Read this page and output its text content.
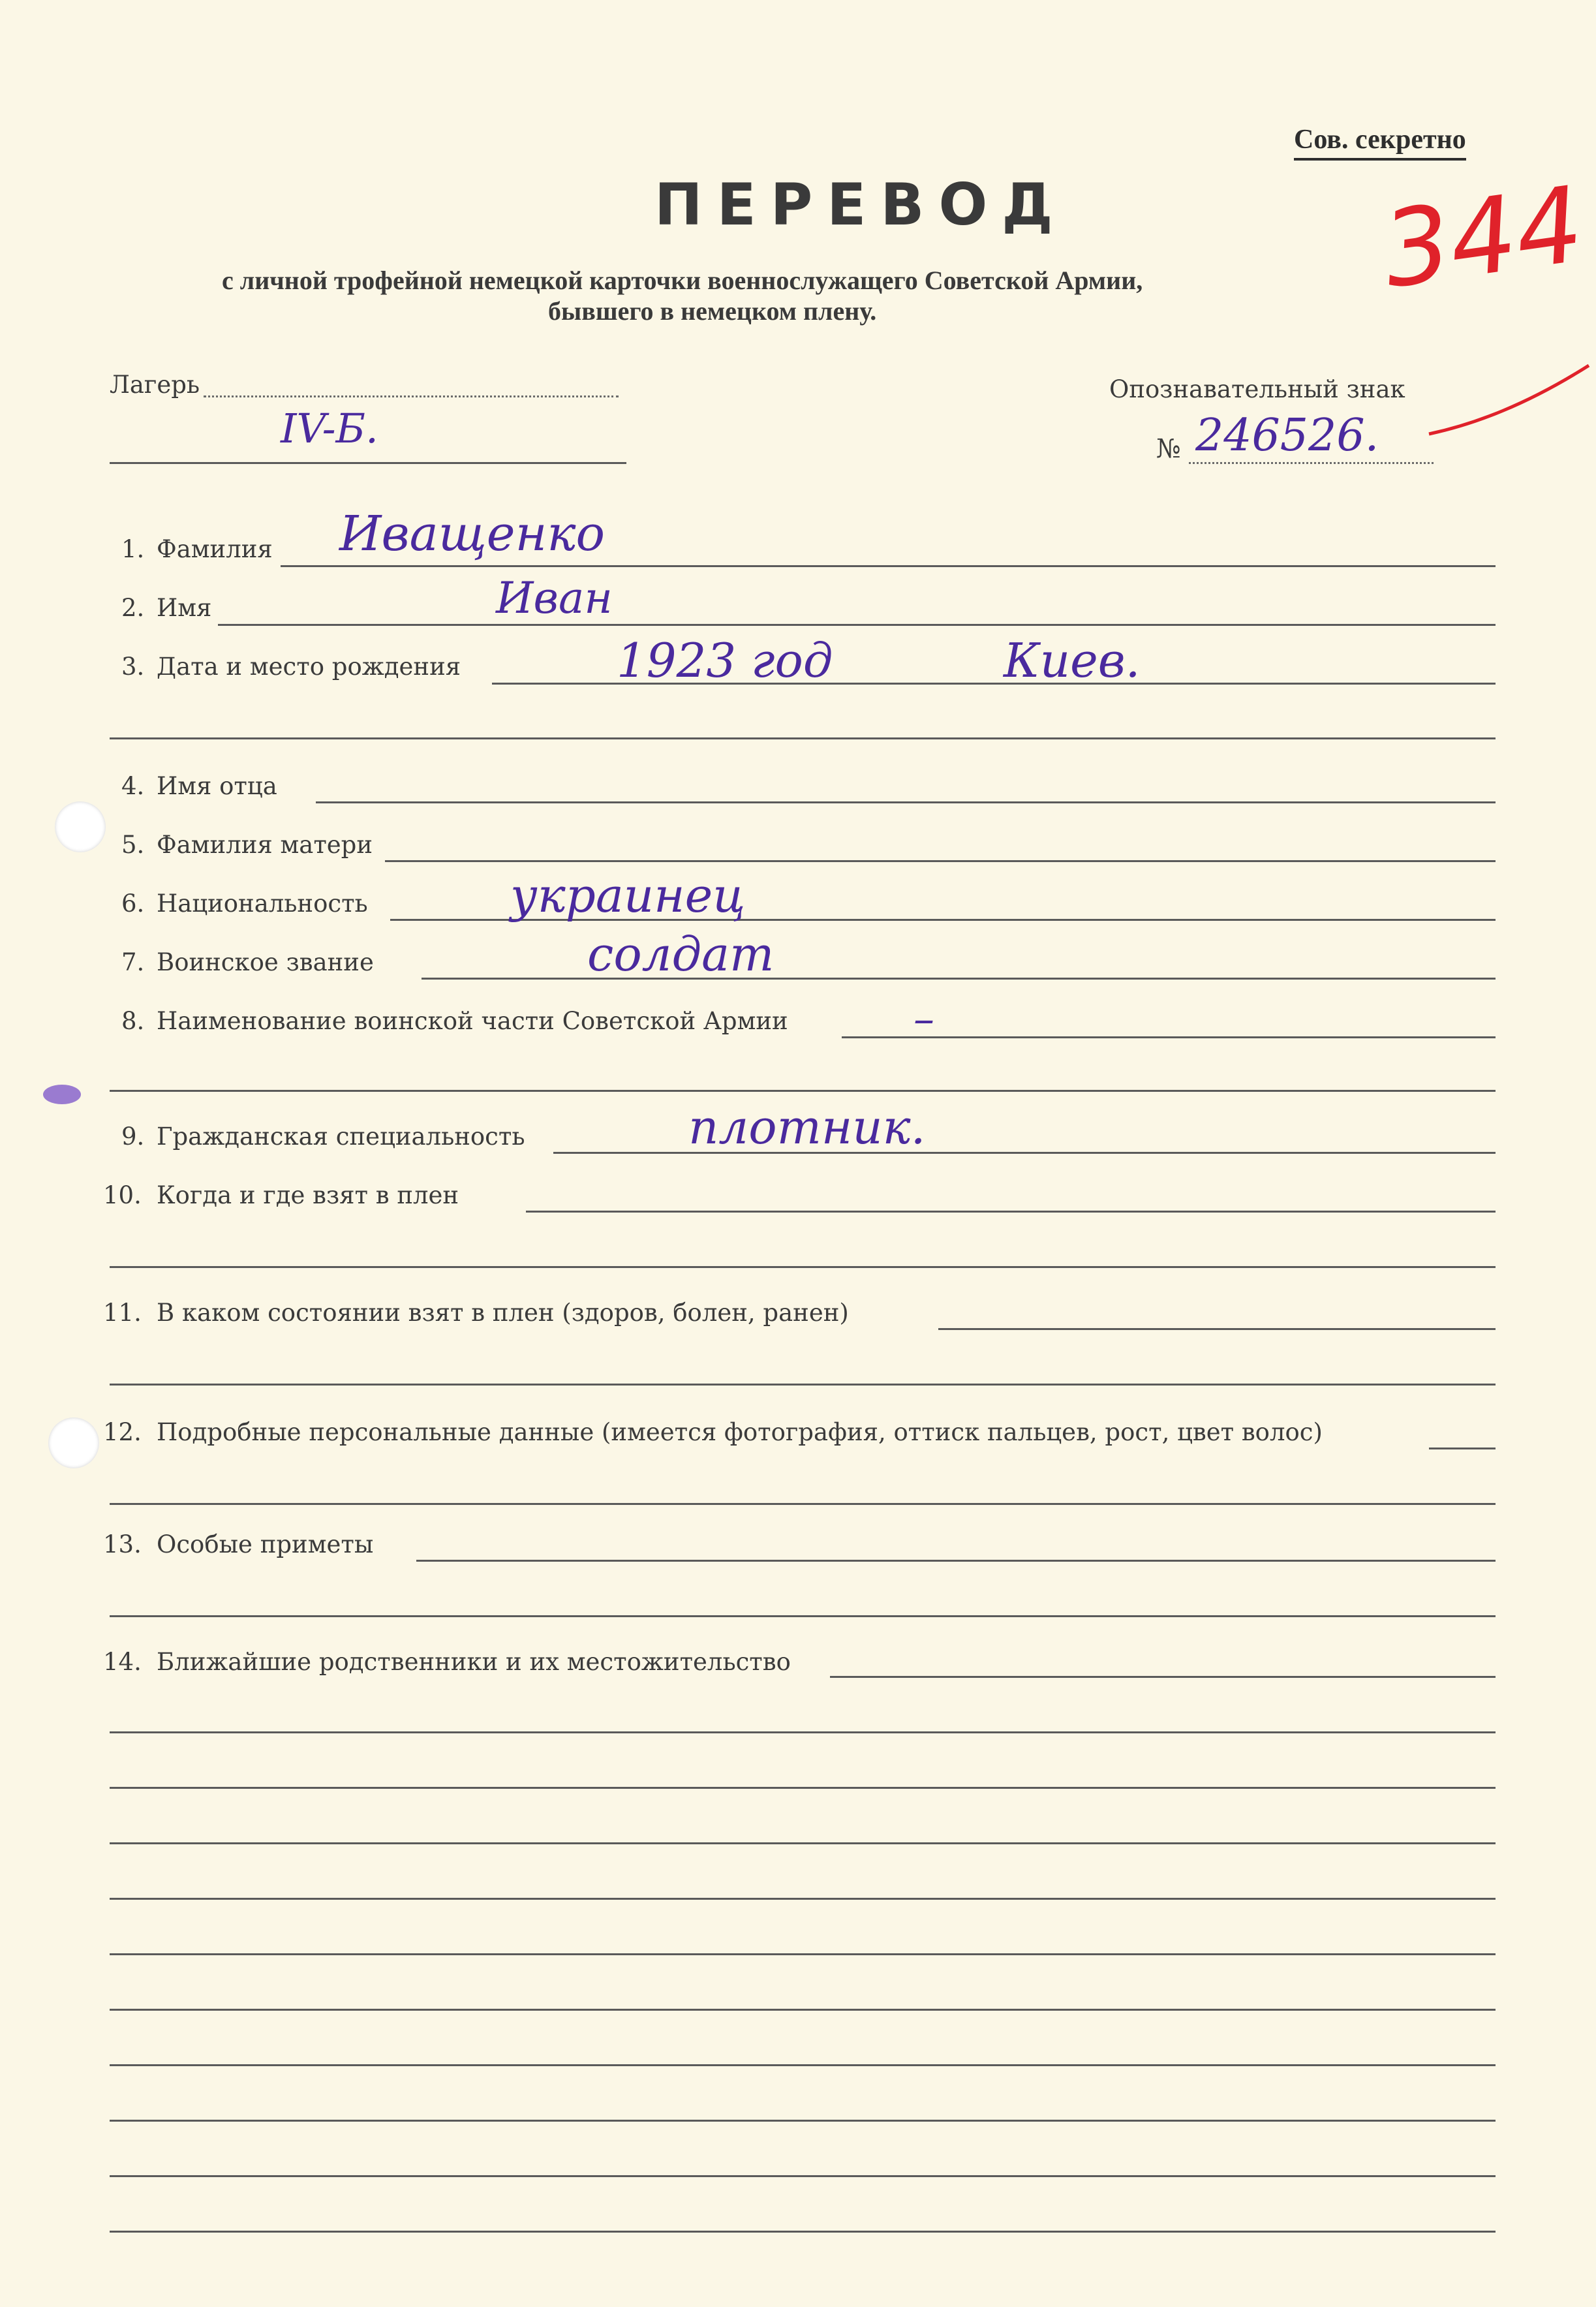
Сов. секретно
ПЕРЕВОД
с личной трофейной немецкой карточки военнослужащего Советской Армии,
бывшего в немецком плену.	344
Лагерь
IV-Б.
Опознавательный знак
№ 246526.
1. Фамилия Иващенко
2. Имя	Иван
3. Дата и место рождения	1923 год	Киев.
4. Имя отца
5. Фамилия матери
6. Национальность	украинец
7. Воинское звание	солдат
8. Наименование воинской части Советской Армии	–
9. Гражданская специальность	плотник.
10. Когда и где взят в плен
11. В каком состоянии взят в плен (здоров, болен, ранен)
12. Подробные персональные данные (имеется фотография, оттиск пальцев, рост, цвет волос)
13. Особые приметы
14. Ближайшие родственники и их местожительство
